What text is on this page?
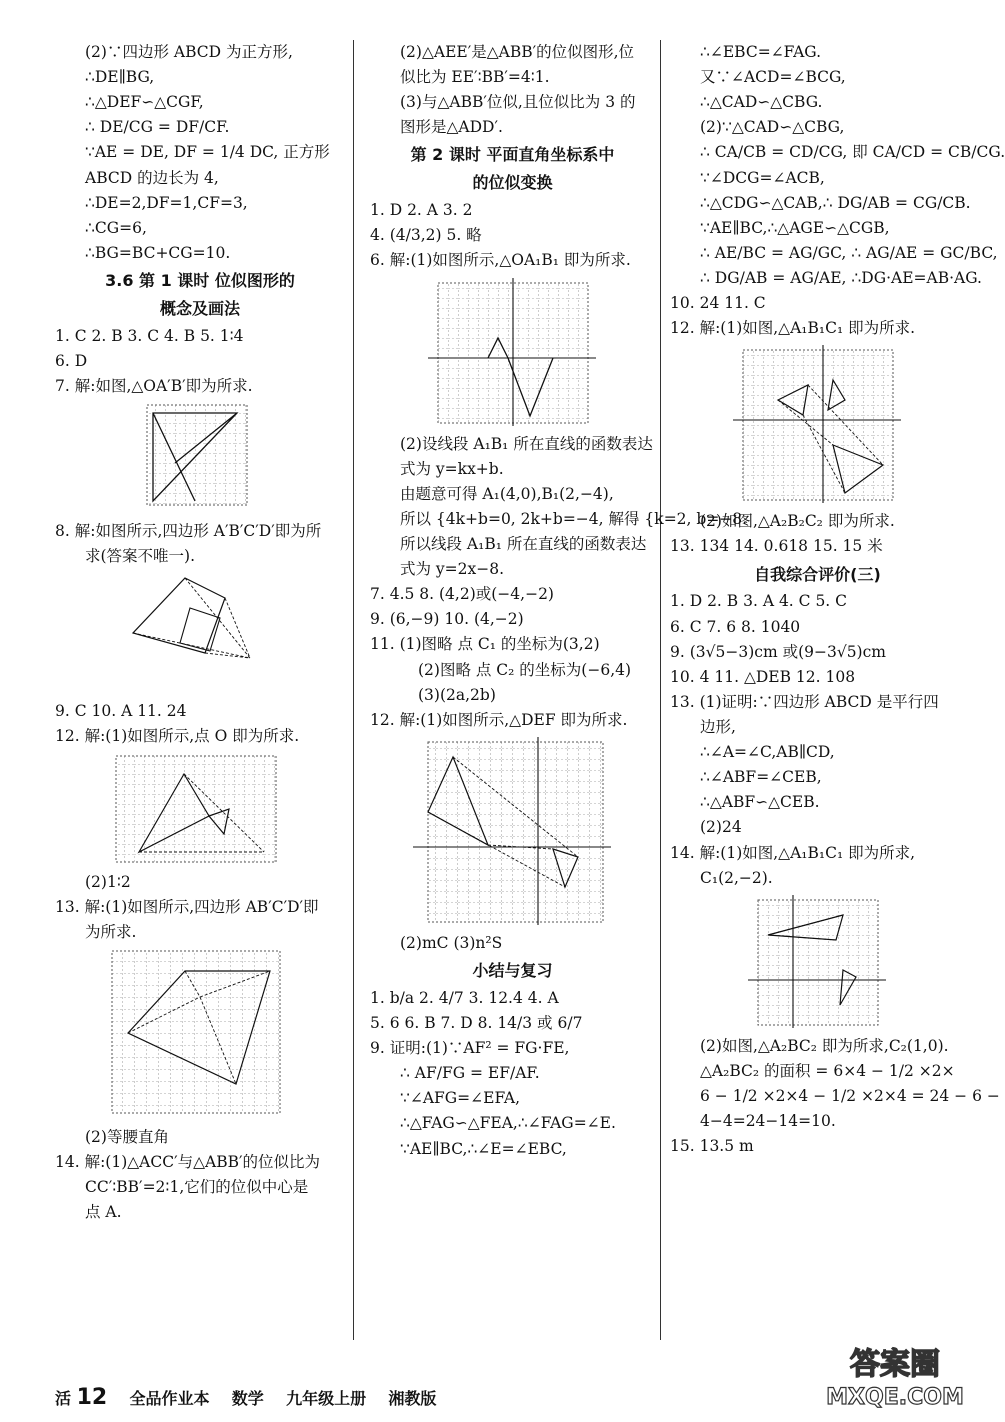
(2)∵四边形 ABCD 为正方形,
∴DE∥BG,
∴△DEF∽△CGF,
∴ DE/CG = DF/CF.
∵AE = DE, DF = 1/4 DC, 正方形
ABCD 的边长为 4,
∴DE=2,DF=1,CF=3,
∴CG=6,
∴BG=BC+CG=10.
3.6 第 1 课时 位似图形的
概念及画法
1. C 2. B 3. C 4. B 5. 1∶4
6. D
7. 解:如图,△OA′B′即为所求.
8. 解:如图所示,四边形 A′B′C′D′即为所
求(答案不唯一).
9. C 10. A 11. 24
12. 解:(1)如图所示,点 O 即为所求.
(2)1∶2
13. 解:(1)如图所示,四边形 AB′C′D′即
为所求.
(2)等腰直角
14. 解:(1)△ACC′与△ABB′的位似比为
CC′∶BB′=2∶1,它们的位似中心是
点 A.
(2)△AEE′是△ABB′的位似图形,位
似比为 EE′∶BB′=4∶1.
(3)与△ABB′位似,且位似比为 3 的
图形是△ADD′.
第 2 课时 平面直角坐标系中
的位似变换
1. D 2. A 3. 2
4. (4/3,2) 5. 略
6. 解:(1)如图所示,△OA₁B₁ 即为所求.
(2)设线段 A₁B₁ 所在直线的函数表达
式为 y=kx+b.
由题意可得 A₁(4,0),B₁(2,−4),
所以 {4k+b=0, 2k+b=−4, 解得 {k=2, b=−8.
所以线段 A₁B₁ 所在直线的函数表达
式为 y=2x−8.
7. 4.5 8. (4,2)或(−4,−2)
9. (6,−9) 10. (4,−2)
11. (1)图略 点 C₁ 的坐标为(3,2)
(2)图略 点 C₂ 的坐标为(−6,4)
(3)(2a,2b)
12. 解:(1)如图所示,△DEF 即为所求.
(2)mC (3)n²S
小结与复习
1. b/a 2. 4/7 3. 12.4 4. A
5. 6 6. B 7. D 8. 14/3 或 6/7
9. 证明:(1)∵AF² = FG·FE,
∴ AF/FG = EF/AF.
∵∠AFG=∠EFA,
∴△FAG∽△FEA,∴∠FAG=∠E.
∵AE∥BC,∴∠E=∠EBC,
∴∠EBC=∠FAG.
又∵∠ACD=∠BCG,
∴△CAD∽△CBG.
(2)∵△CAD∽△CBG,
∴ CA/CB = CD/CG, 即 CA/CD = CB/CG.
∵∠DCG=∠ACB,
∴△CDG∽△CAB,∴ DG/AB = CG/CB.
∵AE∥BC,∴△AGE∽△CGB,
∴ AE/BC = AG/GC, ∴ AG/AE = GC/BC,
∴ DG/AB = AG/AE, ∴DG·AE=AB·AG.
10. 24 11. C
12. 解:(1)如图,△A₁B₁C₁ 即为所求.
(2)如图,△A₂B₂C₂ 即为所求.
13. 134 14. 0.618 15. 15 米
自我综合评价(三)
1. D 2. B 3. A 4. C 5. C
6. C 7. 6 8. 1040
9. (3√5−3)cm 或(9−3√5)cm
10. 4 11. △DEB 12. 108
13. (1)证明:∵四边形 ABCD 是平行四
边形,
∴∠A=∠C,AB∥CD,
∴∠ABF=∠CEB,
∴△ABF∽△CEB.
(2)24
14. 解:(1)如图,△A₁B₁C₁ 即为所求,
C₁(2,−2).
(2)如图,△A₂BC₂ 即为所求,C₂(1,0).
△A₂BC₂ 的面积 = 6×4 − 1/2 ×2×
6 − 1/2 ×2×4 − 1/2 ×2×4 = 24 − 6 −
4−4=24−14=10.
15. 13.5 m
活 12 全品作业本 数学 九年级上册 湘教版
答案圈
MXQE.COM
